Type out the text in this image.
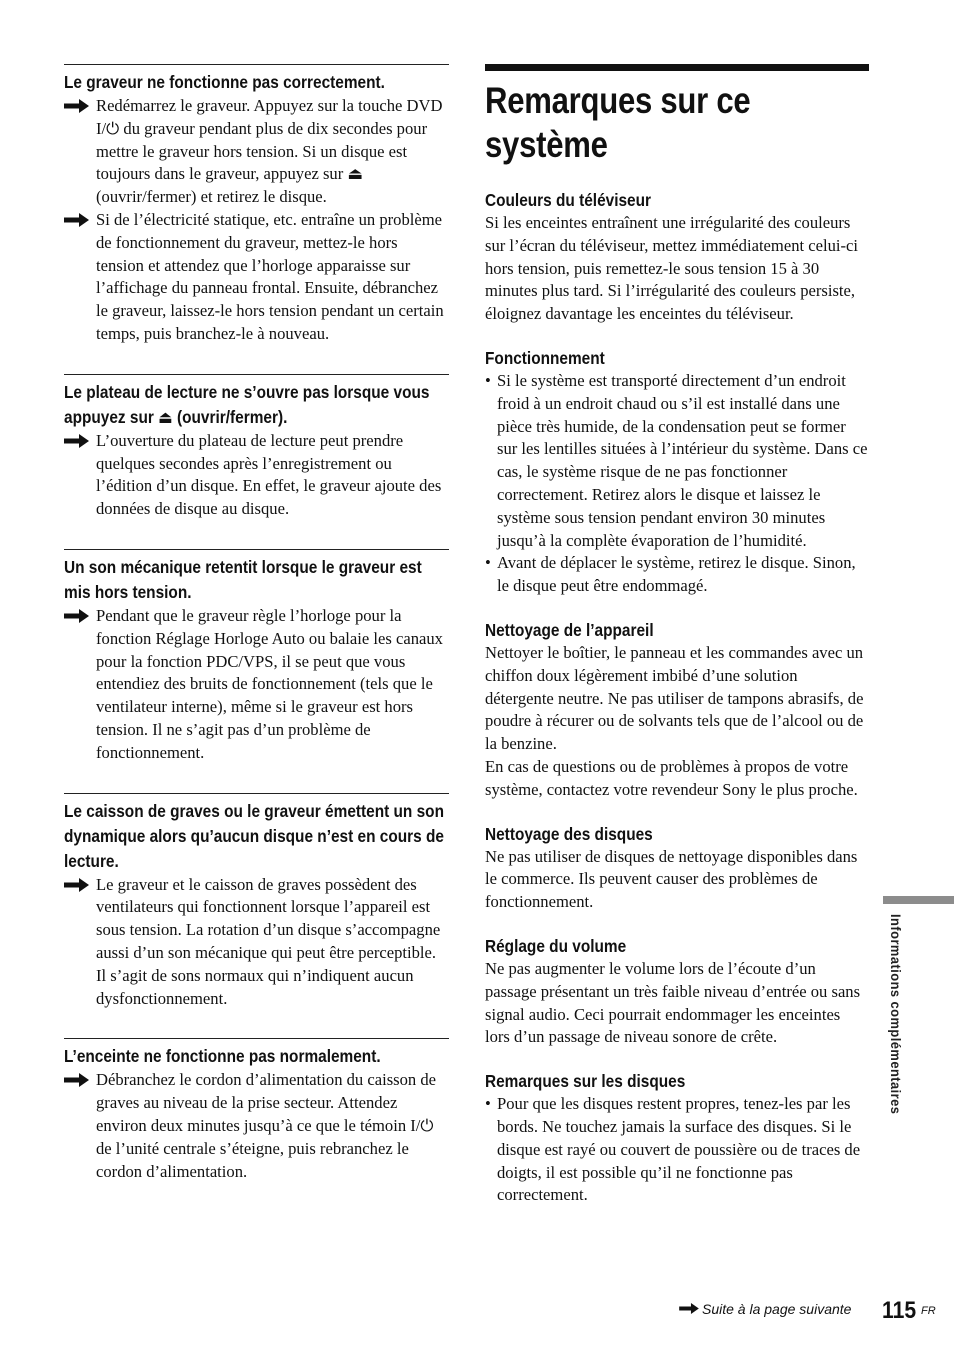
Le graveur ne fonctionne pas correctement.

Redémarrez le graveur. Appuyez sur la touche DVD I/⏻ du graveur pendant plus de dix secondes pour mettre le graveur hors tension. Si un disque est toujours dans le graveur, appuyez sur ⏏ (ouvrir/fermer) et retirez le disque.

Si de l’électricité statique, etc. entraîne un problème de fonctionnement du graveur, mettez-le hors tension et attendez que l’horloge apparaisse sur l’affichage du panneau frontal. Ensuite, débranchez le graveur, laissez-le hors tension pendant un certain temps, puis branchez-le à nouveau.

Le plateau de lecture ne s’ouvre pas lorsque vous appuyez sur ⏏ (ouvrir/fermer).

L’ouverture du plateau de lecture peut prendre quelques secondes après l’enregistrement ou l’édition d’un disque. En effet, le graveur ajoute des données de disque au disque.

Un son mécanique retentit lorsque le graveur est mis hors tension.

Pendant que le graveur règle l’horloge pour la fonction Réglage Horloge Auto ou balaie les canaux pour la fonction PDC/VPS, il se peut que vous entendiez des bruits de fonctionnement (tels que le ventilateur interne), même si le graveur est hors tension. Il ne s’agit pas d’un problème de fonctionnement.

Le caisson de graves ou le graveur émettent un son dynamique alors qu’aucun disque n’est en cours de lecture.

Le graveur et le caisson de graves possèdent des ventilateurs qui fonctionnent lorsque l’appareil est sous tension. La rotation d’un disque s’accompagne aussi d’un son mécanique qui peut être perceptible. Il s’agit de sons normaux qui n’indiquent aucun dysfonctionnement.

L’enceinte ne fonctionne pas normalement.

Débranchez le cordon d’alimentation du caisson de graves au niveau de la prise secteur. Attendez environ deux minutes jusqu’à ce que le témoin I/⏻ de l’unité centrale s’éteigne, puis rebranchez le cordon d’alimentation.

Remarques sur ce système

Couleurs du téléviseur

Si les enceintes entraînent une irrégularité des couleurs sur l’écran du téléviseur, mettez immédiatement celui-ci hors tension, puis remettez-le sous tension 15 à 30 minutes plus tard. Si l’irrégularité des couleurs persiste, éloignez davantage les enceintes du téléviseur.

Fonctionnement

• Si le système est transporté directement d’un endroit froid à un endroit chaud ou s’il est installé dans une pièce très humide, de la condensation peut se former sur les lentilles situées à l’intérieur du système. Dans ce cas, le système risque de ne pas fonctionner correctement. Retirez alors le disque et laissez le système sous tension pendant environ 30 minutes jusqu’à la complète évaporation de l’humidité.

• Avant de déplacer le système, retirez le disque. Sinon, le disque peut être endommagé.

Nettoyage de l’appareil

Nettoyer le boîtier, le panneau et les commandes avec un chiffon doux légèrement imbibé d’une solution détergente neutre. Ne pas utiliser de tampons abrasifs, de poudre à récurer ou de solvants tels que de l’alcool ou de la benzine.

En cas de questions ou de problèmes à propos de votre système, contactez votre revendeur Sony le plus proche.

Nettoyage des disques

Ne pas utiliser de disques de nettoyage disponibles dans le commerce. Ils peuvent causer des problèmes de fonctionnement.

Réglage du volume

Ne pas augmenter le volume lors de l’écoute d’un passage présentant un très faible niveau d’entrée ou sans signal audio. Ceci pourrait endommager les enceintes lors d’un passage de niveau sonore de crête.

Remarques sur les disques

• Pour que les disques restent propres, tenez-les par les bords. Ne touchez jamais la surface des disques. Si le disque est rayé ou couvert de poussière ou de traces de doigts, il est possible qu’il ne fonctionne pas correctement.

Informations complémentaires
Suite à la page suivante 115 FR
